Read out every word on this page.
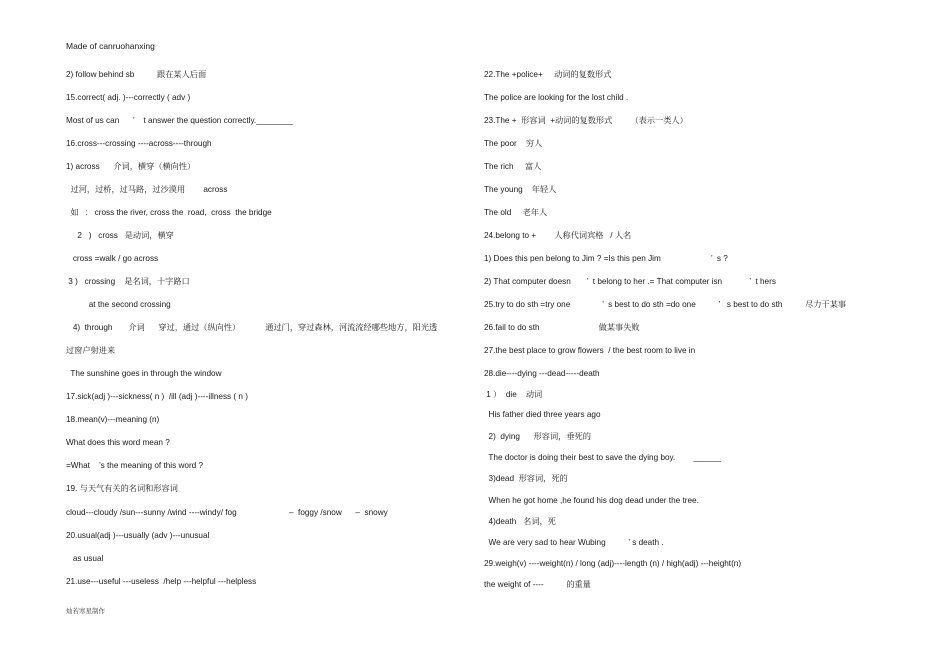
Made of canruohanxing
2) follow behind sb          跟在某人后面
15.correct( adj. )---correctly ( adv )
Most of us can      ’    t answer the question correctly.________
16.cross---crossing ----across----through
1) across      介词，横穿（横向性）
过河，过桥，过马路，过沙漠用        across
如   :   cross the river, cross the  road,  cross  the bridge
2   )   cross   是动词，横穿
cross =walk / go across
3 )   crossing    是名词，十字路口
at the second crossing
4)  through       介词      穿过，通过（纵向性）           通过门，穿过森林，河流流经哪些地方，阳光透
过窗户射进来
The sunshine goes in through the window
17.sick(adj )---sickness( n )  /ill (adj )----illness ( n )
18.mean(v)---meaning (n)
What does this word mean ?
=What    ’s the meaning of this word ?
19. 与天气有关的名词和形容词
cloud---cloudy /sun---sunny /wind ----windy/ fog                       –  foggy /snow      –  snowy
20.usual(adj )---usually (adv )---unusual
as usual
21.use---useful ---useless  /help ---helpful ---helpless
22.The +police+     动词的复数形式
The police are looking for the lost child .
23.The +  形容词  +动词的复数形式        （表示一类人）
The poor    穷人
The rich     富人
The young    年轻人
The old     老年人
24.belong to +        人称代词宾格   / 人名
1) Does this pen belong to Jim ? =Is this pen Jim                      ’  s ?
2) That computer doesn       ’  t belong to her .= That computer isn            ’  t hers
25.try to do sth =try one              ’  s best to do sth =do one          ’   s best to do sth          尽力干某事
26.fail to do sth                          做某事失败
27.the best place to grow flowers  / the best room to live in
28.die----dying ---dead-----death
1 ）  die    动词
His father died three years ago
2)  dying      形容词，垂死的
The doctor is doing their best to save the dying boy.        ______
3)dead  形容词，死的
When he got home ,he found his dog dead under the tree.
4)death   名词，死
We are very sad to hear Wubing          ’ s death .
29.weigh(v) ----weight(n) / long (adj)----length (n) / high(adj) ---height(n)
the weight of ----          的重量
灿若寒星制作
